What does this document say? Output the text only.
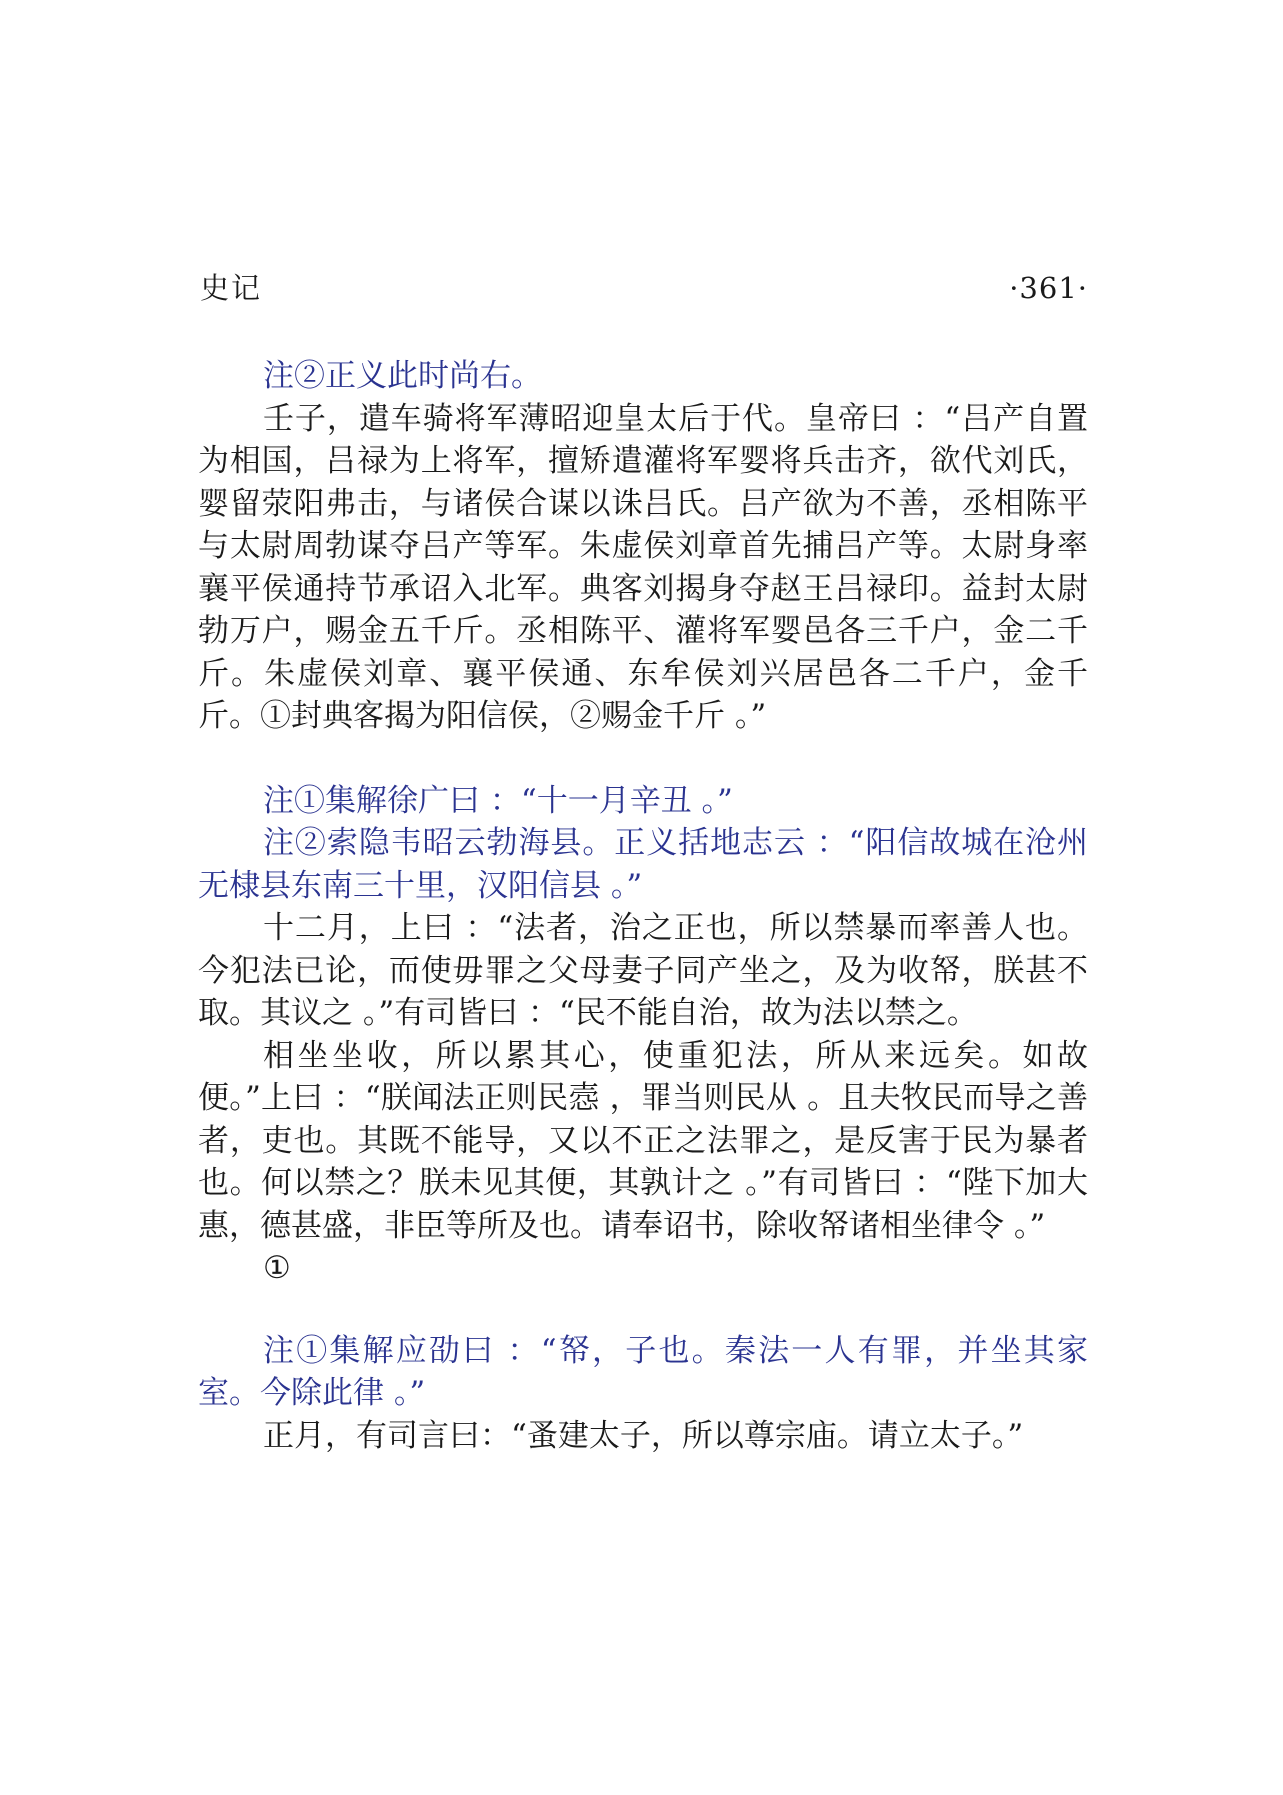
史记	·361·

注②正义此时尚右。

壬子，遣车骑将军薄昭迎皇太后于代。皇帝曰 ：“吕产自置为相国，吕禄为上将军，擅矫遣灌将军婴将兵击齐，欲代刘氏，婴留荥阳弗击，与诸侯合谋以诛吕氏。吕产欲为不善，丞相陈平与太尉周勃谋夺吕产等军。朱虚侯刘章首先捕吕产等。太尉身率襄平侯通持节承诏入北军。典客刘揭身夺赵王吕禄印。益封太尉勃万户，赐金五千斤。丞相陈平、灌将军婴邑各三千户，金二千斤。朱虚侯刘章、襄平侯通、东牟侯刘兴居邑各二千户，金千斤。①封典客揭为阳信侯，②赐金千斤 。”

注①集解徐广曰 ：“十一月辛丑 。”

注②索隐韦昭云勃海县。正义括地志云 ：“阳信故城在沧州无棣县东南三十里，汉阳信县 。”

十二月，上曰 ：“法者，治之正也，所以禁暴而率善人也。今犯法已论，而使毋罪之父母妻子同产坐之，及为收帑，朕甚不取。其议之 。”有司皆曰 ：“民不能自治，故为法以禁之。

相坐坐收，所以累其心，使重犯法，所从来远矣。如故便。”上曰 ：“朕闻法正则民悫 ，罪当则民从 。且夫牧民而导之善者，吏也。其既不能导，又以不正之法罪之，是反害于民为暴者也。何以禁之？朕未见其便，其孰计之 。”有司皆曰 ：“陛下加大惠，德甚盛，非臣等所及也。请奉诏书，除收帑诸相坐律令 。”

①

注①集解应劭曰 ：“帑，子也。秦法一人有罪，并坐其家室。今除此律 。”

正月，有司言曰：“蚤建太子，所以尊宗庙。请立太子。”
